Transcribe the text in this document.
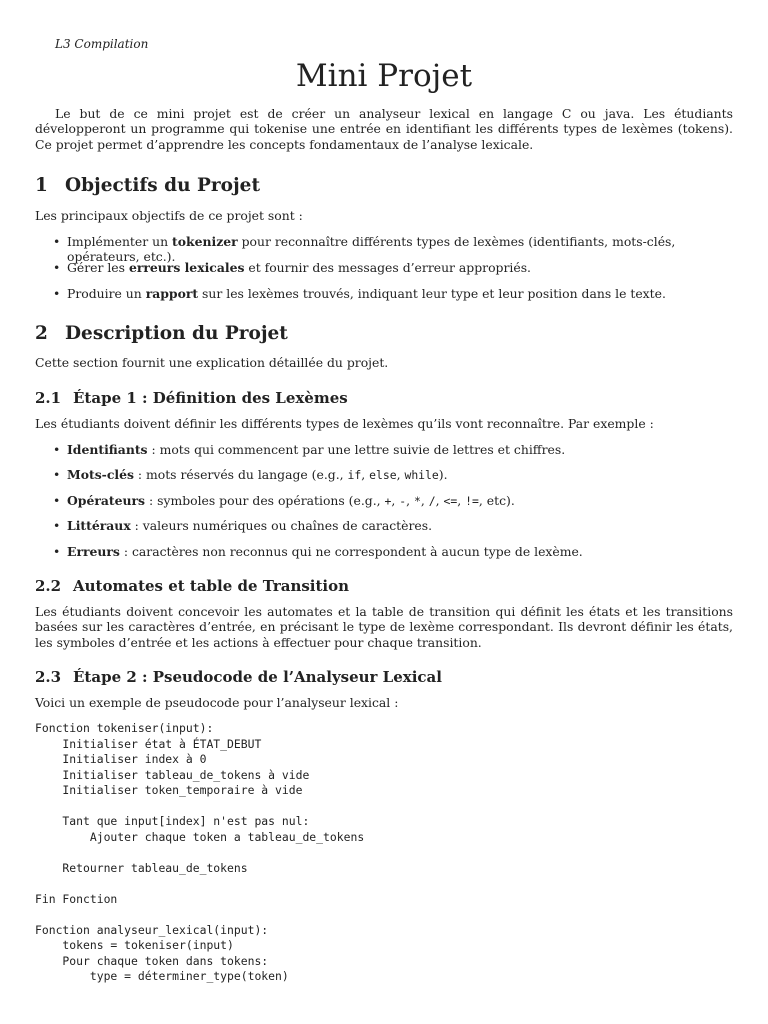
L3 Compilation
Mini Projet

Le but de ce mini projet est de créer un analyseur lexical en langage C ou java. Les étudiants développeront un programme qui tokenise une entrée en identifiant les différents types de lexèmes (tokens). Ce projet permet d’apprendre les concepts fondamentaux de l’analyse lexicale.

1 Objectifs du Projet

Les principaux objectifs de ce projet sont :

• Implémenter un tokenizer pour reconnaître différents types de lexèmes (identifiants, mots-clés, opérateurs, etc.).
• Gérer les erreurs lexicales et fournir des messages d’erreur appropriés.
• Produire un rapport sur les lexèmes trouvés, indiquant leur type et leur position dans le texte.
2 Description du Projet

Cette section fournit une explication détaillée du projet.

2.1 Étape 1 : Définition des Lexèmes

Les étudiants doivent définir les différents types de lexèmes qu’ils vont reconnaître. Par exemple :

• Identifiants : mots qui commencent par une lettre suivie de lettres et chiffres.
• Mots-clés : mots réservés du langage (e.g., if, else, while).
• Opérateurs : symboles pour des opérations (e.g., +, -, *, /, <=, !=, etc).
• Littéraux : valeurs numériques ou chaînes de caractères.
• Erreurs : caractères non reconnus qui ne correspondent à aucun type de lexème.
2.2 Automates et table de Transition

Les étudiants doivent concevoir les automates et la table de transition qui définit les états et les transitions basées sur les caractères d’entrée, en précisant le type de lexème correspondant. Ils devront définir les états, les symboles d’entrée et les actions à effectuer pour chaque transition.

2.3 Étape 2 : Pseudocode de l’Analyseur Lexical

Voici un exemple de pseudocode pour l’analyseur lexical :

Fonction tokeniser(input):
Initialiser état à ÉTAT_DEBUT
Initialiser index à 0
Initialiser tableau_de_tokens à vide
Initialiser token_temporaire à vide

Tant que input[index] n'est pas nul:
Ajouter chaque token a tableau_de_tokens

Retourner tableau_de_tokens

Fin Fonction

Fonction analyseur_lexical(input):
tokens = tokeniser(input)
Pour chaque token dans tokens:
type = déterminer_type(token)
